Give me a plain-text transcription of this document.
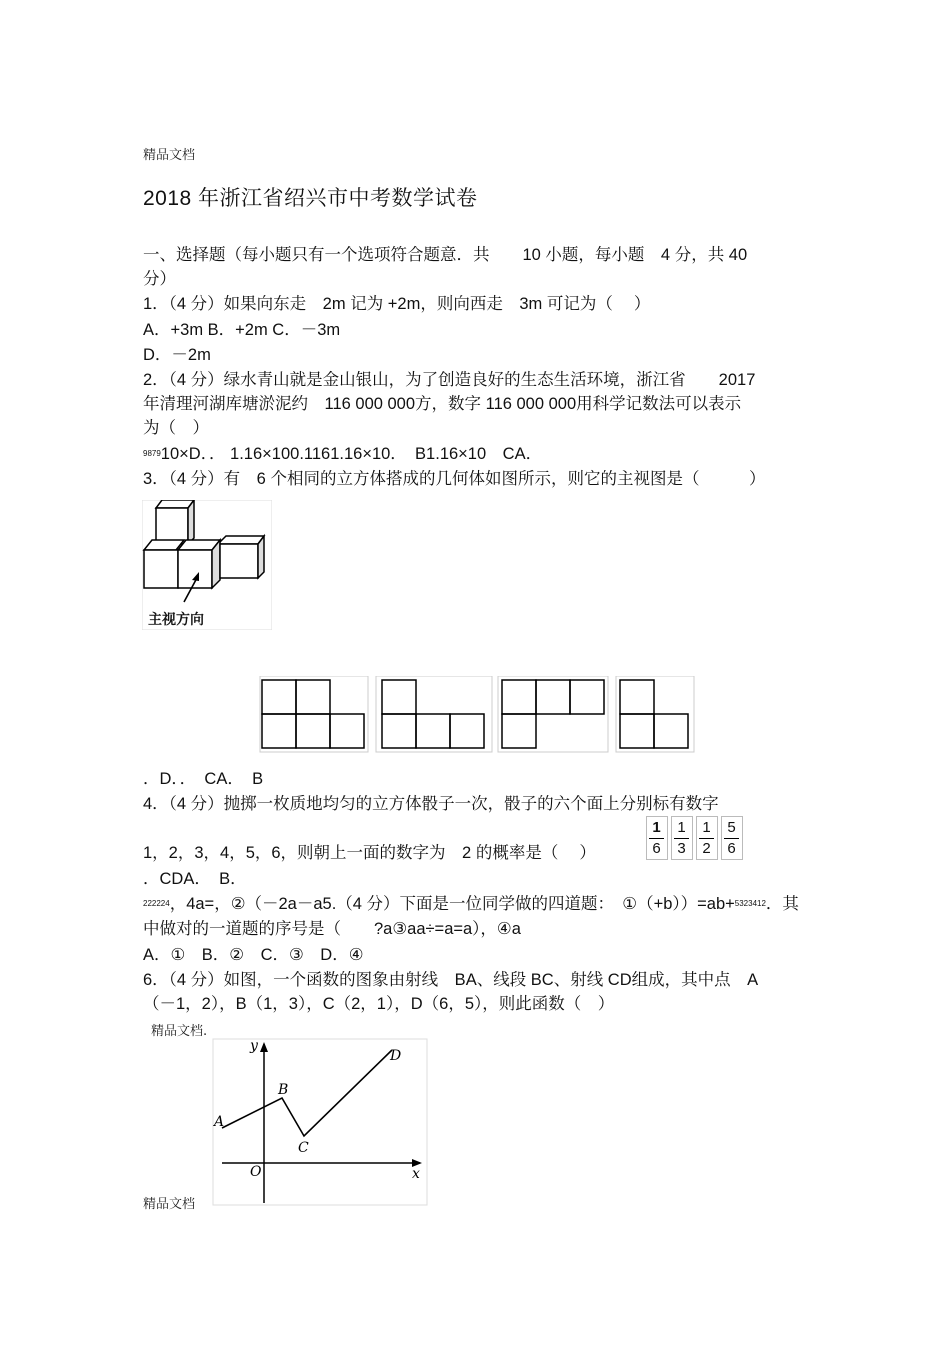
精品文档
2018 年浙江省绍兴市中考数学试卷
一、选择题（每小题只有一个选项符合题意．共　　10 小题，每小题　4 分，共 40
分）
1．（4 分）如果向东走　2m 记为 +2m，则向西走　3m 可记为（　 ）
A．+3m B．+2m C．－3m
D．－2m
2．（4 分）绿水青山就是金山银山，为了创造良好的生态生活环境，浙江省　　2017
年清理河湖库塘淤泥约　116 000 000方，数字 116 000 000用科学记数法可以表示
为（　）
$^{9879}$10×D．． 1.16×100.1161.16×10．　B1.16×10　CA．
3．（4 分）有　6 个相同的立方体搭成的几何体如图所示，则它的主视图是（　　　）
主视方向
．D．．　CA．　B
4．（4 分）抛掷一枚质地均匀的立方体骰子一次，骰子的六个面上分别标有数字
1，2，3，4，5，6，则朝上一面的数字为　2 的概率是（　 ）
1
6
1
3
1
2
5
6
．CDA．　B．
$^{222224}$，4a=，②（－2a－a5.（4 分）下面是一位同学做的四道题：　①（+b））=ab+$^{5323412}$．其
中做对的一道题的序号是（　　?a③aa÷=a=a），④a
A．①　B．②　C．③　D．④
6．（4 分）如图，一个函数的图象由射线　BA、线段 BC、射线 CD组成，其中点　A
（－1，2），B（1，3），C（2，1），D（6，5），则此函数（　）
精品文档.
y
x
O
A
B
C
D
精品文档
